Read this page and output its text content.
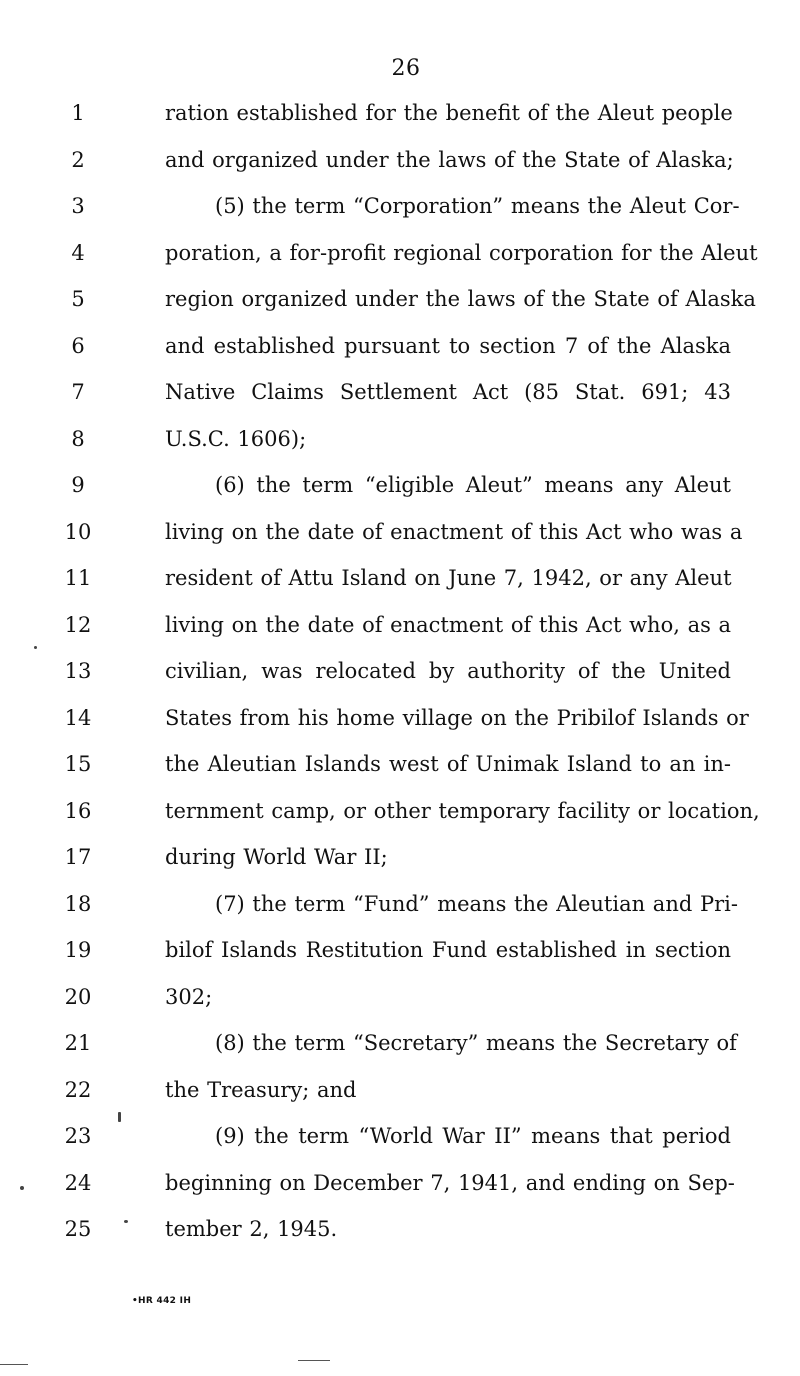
26
1	ration established for the benefit of the Aleut people
2	and organized under the laws of the State of Alaska;
3	(5) the term “Corporation” means the Aleut Cor-
4	poration, a for-profit regional corporation for the Aleut
5	region organized under the laws of the State of Alaska
6	and established pursuant to section 7 of the Alaska
7	Native Claims Settlement Act (85 Stat. 691; 43
8	U.S.C. 1606);
9	(6) the term “eligible Aleut” means any Aleut
10	living on the date of enactment of this Act who was a
11	resident of Attu Island on June 7, 1942, or any Aleut
12	living on the date of enactment of this Act who, as a
13	civilian, was relocated by authority of the United
14	States from his home village on the Pribilof Islands or
15	the Aleutian Islands west of Unimak Island to an in-
16	ternment camp, or other temporary facility or location,
17	during World War II;
18	(7) the term “Fund” means the Aleutian and Pri-
19	bilof Islands Restitution Fund established in section
20	302;
21	(8) the term “Secretary” means the Secretary of
22	the Treasury; and
23	(9) the term “World War II” means that period
24	beginning on December 7, 1941, and ending on Sep-
25	tember 2, 1945.
•HR 442 IH
